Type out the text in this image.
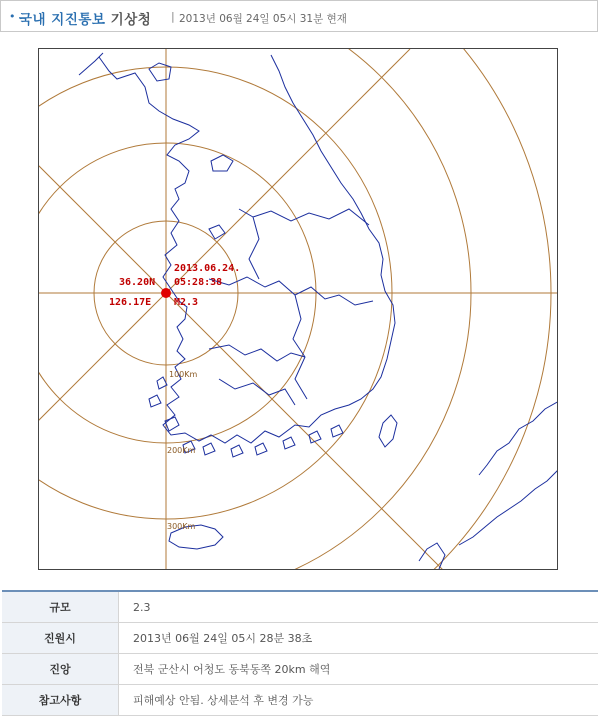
• 국내 지진통보 기상청 | 2013년 06월 24일 05시 31분 현재
36.20N
126.17E
2013.06.24.
05:28:38
M2.3
100Km
200Km
300Km
규모	2.3
진원시	2013년 06월 24일 05시 28분 38초
진앙	전북 군산시 어청도 동북동쪽 20km 해역
참고사항	피해예상 안됨. 상세분석 후 변경 가능
